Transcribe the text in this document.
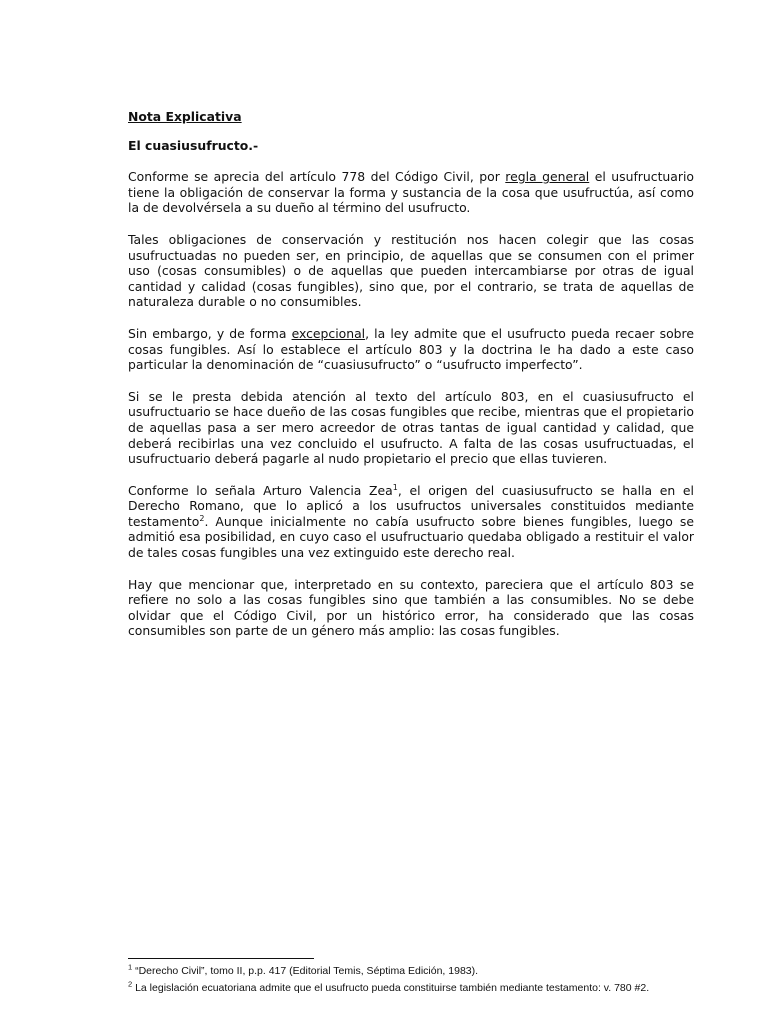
Nota Explicativa

El cuasiusufructo.-

Conforme se aprecia del artículo 778 del Código Civil, por regla general el usufructuario tiene la obligación de conservar la forma y sustancia de la cosa que usufructúa, así como la de devolvérsela a su dueño al término del usufructo.

Tales obligaciones de conservación y restitución nos hacen colegir que las cosas usufructuadas no pueden ser, en principio, de aquellas que se consumen con el primer uso (cosas consumibles) o de aquellas que pueden intercambiarse por otras de igual cantidad y calidad (cosas fungibles), sino que, por el contrario, se trata de aquellas de naturaleza durable o no consumibles.

Sin embargo, y de forma excepcional, la ley admite que el usufructo pueda recaer sobre cosas fungibles. Así lo establece el artículo 803 y la doctrina le ha dado a este caso particular la denominación de “cuasiusufructo” o “usufructo imperfecto”.

Si se le presta debida atención al texto del artículo 803, en el cuasiusufructo el usufructuario se hace dueño de las cosas fungibles que recibe, mientras que el propietario de aquellas pasa a ser mero acreedor de otras tantas de igual cantidad y calidad, que deberá recibirlas una vez concluido el usufructo. A falta de las cosas usufructuadas, el usufructuario deberá pagarle al nudo propietario el precio que ellas tuvieren.

Conforme lo señala Arturo Valencia Zea$^1$, el origen del cuasiusufructo se halla en el Derecho Romano, que lo aplicó a los usufructos universales constituidos mediante testamento$^2$. Aunque inicialmente no cabía usufructo sobre bienes fungibles, luego se admitió esa posibilidad, en cuyo caso el usufructuario quedaba obligado a restituir el valor de tales cosas fungibles una vez extinguido este derecho real.

Hay que mencionar que, interpretado en su contexto, pareciera que el artículo 803 se refiere no solo a las cosas fungibles sino que también a las consumibles. No se debe olvidar que el Código Civil, por un histórico error, ha considerado que las cosas consumibles son parte de un género más amplio: las cosas fungibles.

$^1$ “Derecho Civil”, tomo II, p.p. 417 (Editorial Temis, Séptima Edición, 1983).

$^2$ La legislación ecuatoriana admite que el usufructo pueda constituirse también mediante testamento: v. 780 #2.
